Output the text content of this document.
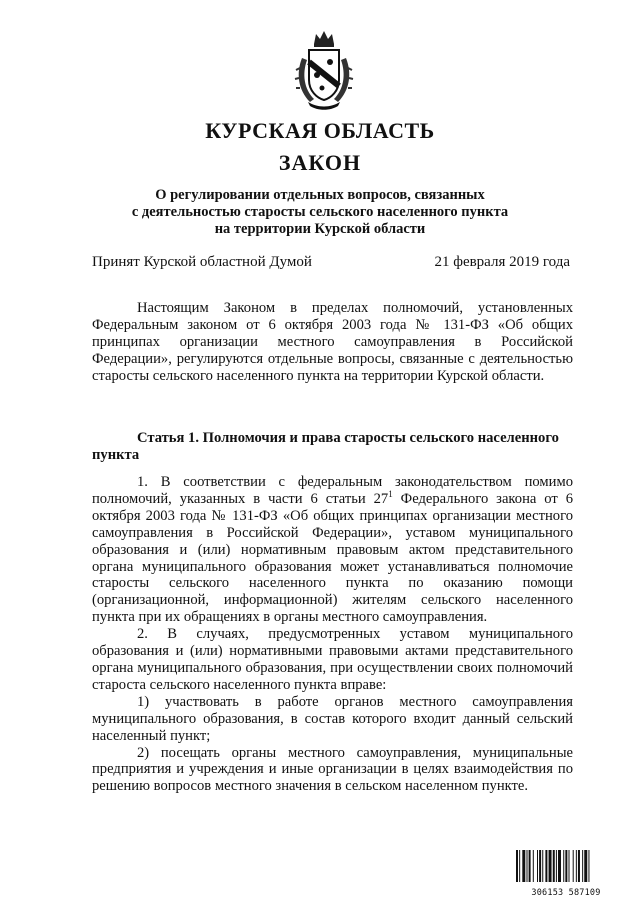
КУРСКАЯ ОБЛАСТЬ
ЗАКОН
О регулировании отдельных вопросов, связанных
с деятельностью старосты сельского населенного пункта
на территории Курской области
Принят Курской областной Думой	21 февраля 2019 года

Настоящим Законом в пределах полномочий, установленных Федеральным законом от 6 октября 2003 года № 131-ФЗ «Об общих принципах организации местного самоуправления в Российской Федерации», регулируются отдельные вопросы, связанные с деятельностью старосты сельского населенного пункта на территории Курской области.

Статья 1. Полномочия и права старосты сельского населенного пункта

1. В соответствии с федеральным законодательством помимо полномочий, указанных в части 6 статьи $27^1$ Федерального закона от 6 октября 2003 года № 131-ФЗ «Об общих принципах организации местного самоуправления в Российской Федерации», уставом муниципального образования и (или) нормативным правовым актом представительного органа муниципального образования может устанавливаться полномочие старосты сельского населенного пункта по оказанию помощи (организационной, информационной) жителям сельского населенного пункта при их обращениях в органы местного самоуправления.

2. В случаях, предусмотренных уставом муниципального образования и (или) нормативными правовыми актами представительного органа муниципального образования, при осуществлении своих полномочий староста сельского населенного пункта вправе:

1) участвовать в работе органов местного самоуправления муниципального образования, в состав которого входит данный сельский населенный пункт;

2) посещать органы местного самоуправления, муниципальные предприятия и учреждения и иные организации в целях взаимодействия по решению вопросов местного значения в сельском населенном пункте.

306153 587109
